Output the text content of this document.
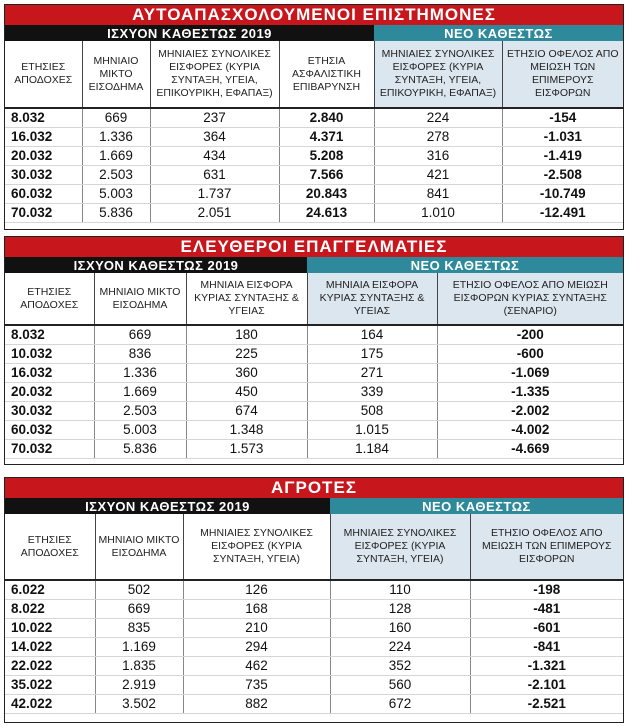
ΑΥΤΟΑΠΑΣΧΟΛΟΥΜΕΝΟΙ ΕΠΙΣΤΗΜΟΝΕΣ
ΙΣΧΥΟΝ ΚΑΘΕΣΤΩΣ 2019	ΝΕΟ ΚΑΘΕΣΤΩΣ
ΕΤΗΣΙΕΣ ΑΠΟΔΟΧΕΣ	ΜΗΝΙΑΙΟ ΜΙΚΤΟ ΕΙΣΟΔΗΜΑ	ΜΗΝΙΑΙΕΣ ΣΥΝΟΛΙΚΕΣ ΕΙΣΦΟΡΕΣ (ΚΥΡΙΑ ΣΥΝΤΑΞΗ, ΥΓΕΙΑ, ΕΠΙΚΟΥΡΙΚΗ, ΕΦΑΠΑΞ)	ΕΤΗΣΙΑ ΑΣΦΑΛΙΣΤΙΚΗ ΕΠΙΒΑΡΥΝΣΗ	ΜΗΝΙΑΙΕΣ ΣΥΝΟΛΙΚΕΣ ΕΙΣΦΟΡΕΣ (ΚΥΡΙΑ ΣΥΝΤΑΞΗ, ΥΓΕΙΑ, ΕΠΙΚΟΥΡΙΚΗ, ΕΦΑΠΑΞ)	ΕΤΗΣΙΟ ΟΦΕΛΟΣ ΑΠΟ ΜΕΙΩΣΗ ΤΩΝ ΕΠΙΜΕΡΟΥΣ ΕΙΣΦΟΡΩΝ
8.032	669	237	2.840	224	-154
16.032	1.336	364	4.371	278	-1.031
20.032	1.669	434	5.208	316	-1.419
30.032	2.503	631	7.566	421	-2.508
60.032	5.003	1.737	20.843	841	-10.749
70.032	5.836	2.051	24.613	1.010	-12.491
ΕΛΕΥΘΕΡΟΙ ΕΠΑΓΓΕΛΜΑΤΙΕΣ
ΙΣΧΥΟΝ ΚΑΘΕΣΤΩΣ 2019	ΝΕΟ ΚΑΘΕΣΤΩΣ
ΕΤΗΣΙΕΣ ΑΠΟΔΟΧΕΣ	ΜΗΝΙΑΙΟ ΜΙΚΤΟ ΕΙΣΟΔΗΜΑ	ΜΗΝΙΑΙΑ ΕΙΣΦΟΡΑ ΚΥΡΙΑΣ ΣΥΝΤΑΞΗΣ & ΥΓΕΙΑΣ	ΜΗΝΙΑΙΑ ΕΙΣΦΟΡΑ ΚΥΡΙΑΣ ΣΥΝΤΑΞΗΣ & ΥΓΕΙΑΣ	ΕΤΗΣΙΟ ΟΦΕΛΟΣ ΑΠΟ ΜΕΙΩΣΗ ΕΙΣΦΟΡΩΝ ΚΥΡΙΑΣ ΣΥΝΤΑΞΗΣ (ΣΕΝΑΡΙΟ)
8.032	669	180	164	-200
10.032	836	225	175	-600
16.032	1.336	360	271	-1.069
20.032	1.669	450	339	-1.335
30.032	2.503	674	508	-2.002
60.032	5.003	1.348	1.015	-4.002
70.032	5.836	1.573	1.184	-4.669
ΑΓΡΟΤΕΣ
ΙΣΧΥΟΝ ΚΑΘΕΣΤΩΣ 2019	ΝΕΟ ΚΑΘΕΣΤΩΣ
ΕΤΗΣΙΕΣ ΑΠΟΔΟΧΕΣ	ΜΗΝΙΑΙΟ ΜΙΚΤΟ ΕΙΣΟΔΗΜΑ	ΜΗΝΙΑΙΕΣ ΣΥΝΟΛΙΚΕΣ ΕΙΣΦΟΡΕΣ (ΚΥΡΙΑ ΣΥΝΤΑΞΗ, ΥΓΕΙΑ)	ΜΗΝΙΑΙΕΣ ΣΥΝΟΛΙΚΕΣ ΕΙΣΦΟΡΕΣ (ΚΥΡΙΑ ΣΥΝΤΑΞΗ, ΥΓΕΙΑ)	ΕΤΗΣΙΟ ΟΦΕΛΟΣ ΑΠΟ ΜΕΙΩΣΗ ΤΩΝ ΕΠΙΜΕΡΟΥΣ ΕΙΣΦΟΡΩΝ
6.022	502	126	110	-198
8.022	669	168	128	-481
10.022	835	210	160	-601
14.022	1.169	294	224	-841
22.022	1.835	462	352	-1.321
35.022	2.919	735	560	-2.101
42.022	3.502	882	672	-2.521
